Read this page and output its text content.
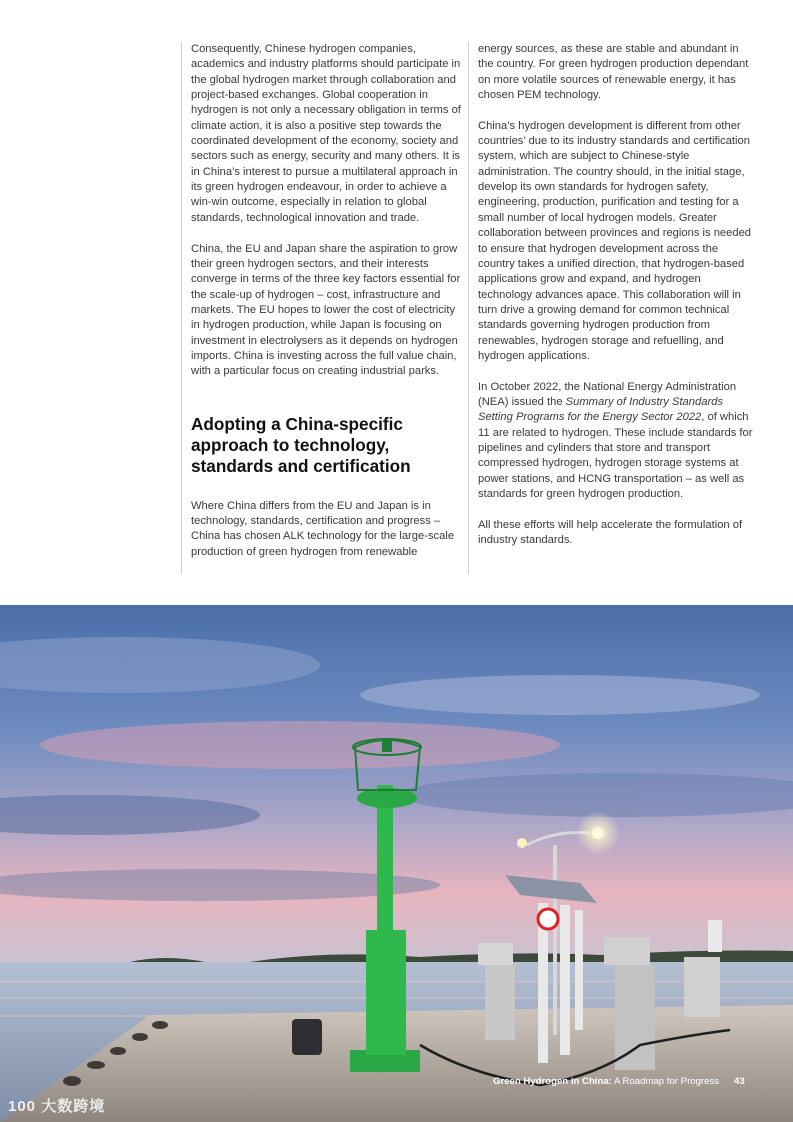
Consequently, Chinese hydrogen companies, academics and industry platforms should participate in the global hydrogen market through collaboration and project-based exchanges. Global cooperation in hydrogen is not only a necessary obligation in terms of climate action, it is also a positive step towards the coordinated development of the economy, society and sectors such as energy, security and many others. It is in China’s interest to pursue a multilateral approach in its green hydrogen endeavour, in order to achieve a win-win outcome, especially in relation to global standards, technological innovation and trade.

China, the EU and Japan share the aspiration to grow their green hydrogen sectors, and their interests converge in terms of the three key factors essential for the scale-up of hydrogen – cost, infrastructure and markets. The EU hopes to lower the cost of electricity in hydrogen production, while Japan is focusing on investment in electrolysers as it depends on hydrogen imports. China is investing across the full value chain, with a particular focus on creating industrial parks.

Adopting a China-specific approach to technology, standards and certification

Where China differs from the EU and Japan is in technology, standards, certification and progress – China has chosen ALK technology for the large-scale production of green hydrogen from renewable

energy sources, as these are stable and abundant in the country. For green hydrogen production dependant on more volatile sources of renewable energy, it has chosen PEM technology.

China’s hydrogen development is different from other countries’ due to its industry standards and certification system, which are subject to Chinese-style administration. The country should, in the initial stage, develop its own standards for hydrogen safety, engineering, production, purification and testing for a small number of local hydrogen models. Greater collaboration between provinces and regions is needed to ensure that hydrogen development across the country takes a unified direction, that hydrogen-based applications grow and expand, and hydrogen technology advances apace. This collaboration will in turn drive a growing demand for common technical standards governing hydrogen production from renewables, hydrogen storage and refuelling, and hydrogen applications.

In October 2022, the National Energy Administration (NEA) issued the Summary of Industry Standards Setting Programs for the Energy Sector 2022, of which 11 are related to hydrogen. These include standards for pipelines and cylinders that store and transport compressed hydrogen, hydrogen storage systems at power stations, and HCNG transportation – as well as standards for green hydrogen production.

All these efforts will help accelerate the formulation of industry standards.

Green Hydrogen in China: A Roadmap for Progress 43
100 大数跨境
